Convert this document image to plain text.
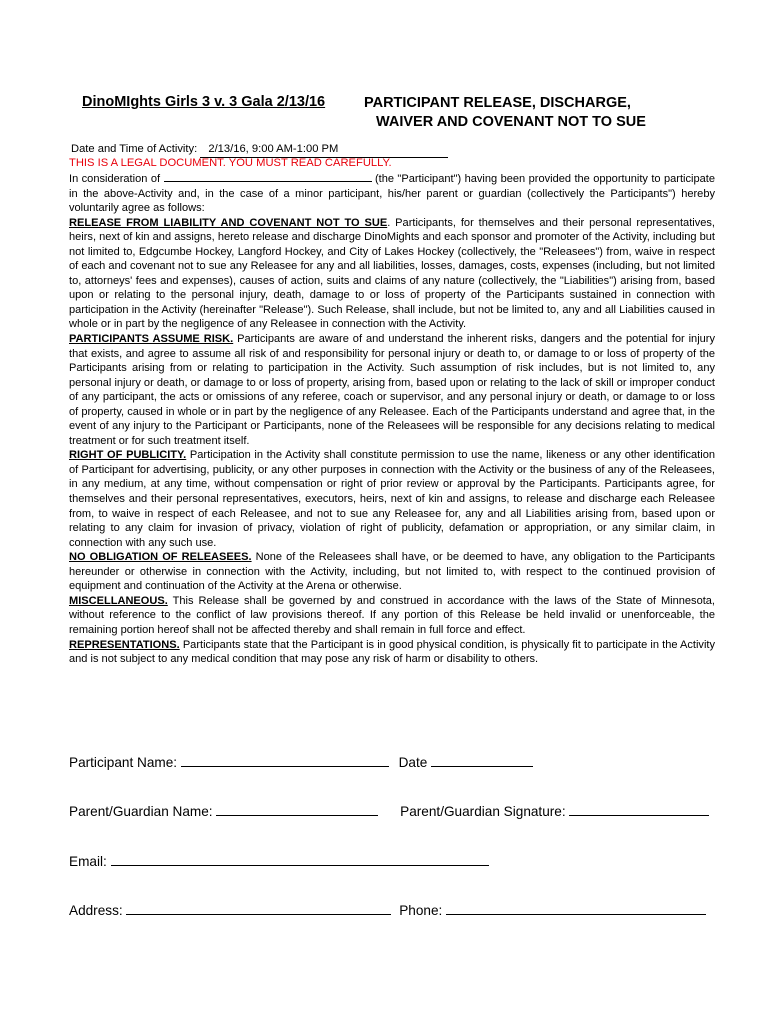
DinoMIghts Girls 3 v. 3 Gala 2/13/16	PARTICIPANT RELEASE, DISCHARGE,
WAIVER AND COVENANT NOT TO SUE
Date and Time of Activity: 2/13/16, 9:00 AM-1:00 PM
THIS IS A LEGAL DOCUMENT. YOU MUST READ CAREFULLY.

In consideration of	(the "Participant") having been provided the opportunity to participate in the above-Activity and, in the case of a minor participant, his/her parent or guardian (collectively the Participants") hereby voluntarily agree as follows:

RELEASE FROM LIABILITY AND COVENANT NOT TO SUE. Participants, for themselves and their personal representatives, heirs, next of kin and assigns, hereto release and discharge DinoMights and each sponsor and promoter of the Activity, including but not limited to, Edgcumbe Hockey, Langford Hockey, and City of Lakes Hockey (collectively, the "Releasees") from, waive in respect of each and covenant not to sue any Releasee for any and all liabilities, losses, damages, costs, expenses (including, but not limited to, attorneys' fees and expenses), causes of action, suits and claims of any nature (collectively, the "Liabilities") arising from, based upon or relating to the personal injury, death, damage to or loss of property of the Participants sustained in connection with participation in the Activity (hereinafter "Release"). Such Release, shall include, but not be limited to, any and all Liabilities caused in whole or in part by the negligence of any Releasee in connection with the Activity.

PARTICIPANTS ASSUME RISK. Participants are aware of and understand the inherent risks, dangers and the potential for injury that exists, and agree to assume all risk of and responsibility for personal injury or death to, or damage to or loss of property of the Participants arising from or relating to participation in the Activity. Such assumption of risk includes, but is not limited to, any personal injury or death, or damage to or loss of property, arising from, based upon or relating to the lack of skill or improper conduct of any participant, the acts or omissions of any referee, coach or supervisor, and any personal injury or death, or damage to or loss of property, caused in whole or in part by the negligence of any Releasee. Each of the Participants understand and agree that, in the event of any injury to the Participant or Participants, none of the Releasees will be responsible for any decisions relating to medical treatment or for such treatment itself.

RIGHT OF PUBLICITY. Participation in the Activity shall constitute permission to use the name, likeness or any other identification of Participant for advertising, publicity, or any other purposes in connection with the Activity or the business of any of the Releasees, in any medium, at any time, without compensation or right of prior review or approval by the Participants. Participants agree, for themselves and their personal representatives, executors, heirs, next of kin and assigns, to release and discharge each Releasee from, to waive in respect of each Releasee, and not to sue any Releasee for, any and all Liabilities arising from, based upon or relating to any claim for invasion of privacy, violation of right of publicity, defamation or appropriation, or any similar claim, in connection with any such use.

NO OBLIGATION OF RELEASEES. None of the Releasees shall have, or be deemed to have, any obligation to the Participants hereunder or otherwise in connection with the Activity, including, but not limited to, with respect to the continued provision of equipment and continuation of the Activity at the Arena or otherwise.

MISCELLANEOUS. This Release shall be governed by and construed in accordance with the laws of the State of Minnesota, without reference to the conflict of law provisions thereof. If any portion of this Release be held invalid or unenforceable, the remaining portion hereof shall not be affected thereby and shall remain in full force and effect.

REPRESENTATIONS. Participants state that the Participant is in good physical condition, is physically fit to participate in the Activity and is not subject to any medical condition that may pose any risk of harm or disability to others.

Participant Name:	Date
Parent/Guardian Name:	Parent/Guardian Signature:
Email:
Address:	Phone:
